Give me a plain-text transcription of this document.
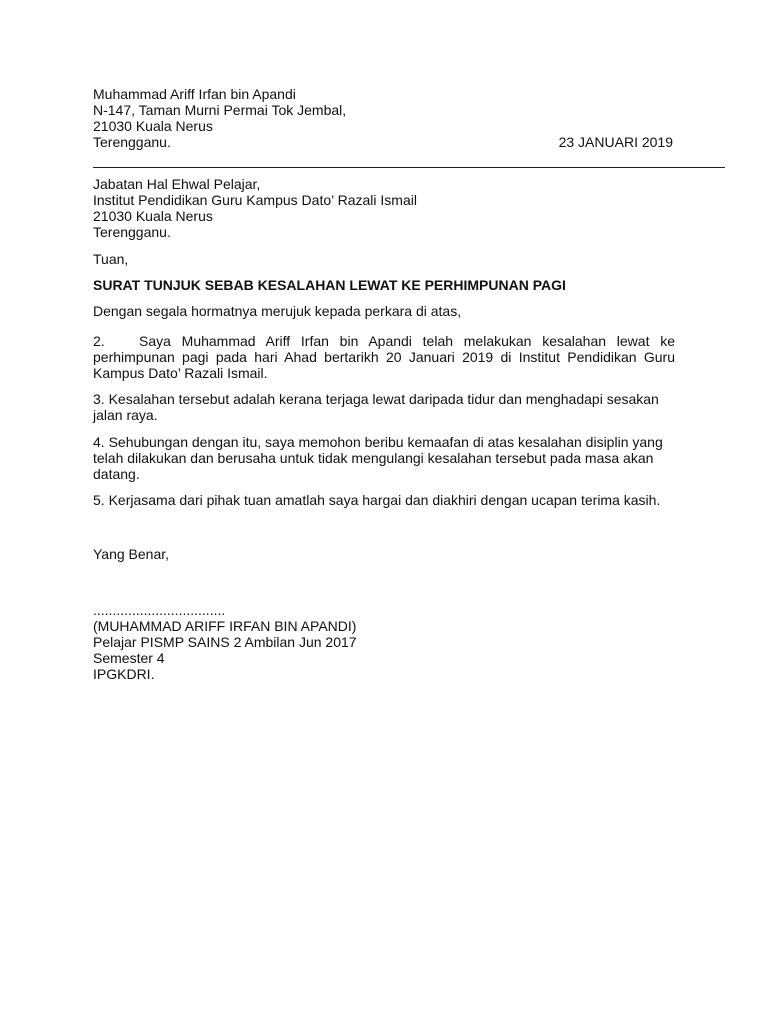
Muhammad Ariff Irfan bin Apandi
N-147, Taman Murni Permai Tok Jembal,
21030 Kuala Nerus
Terengganu.	23 JANUARI 2019
Jabatan Hal Ehwal Pelajar,
Institut Pendidikan Guru Kampus Dato’ Razali Ismail
21030 Kuala Nerus
Terengganu.
Tuan,
SURAT TUNJUK SEBAB KESALAHAN LEWAT KE PERHIMPUNAN PAGI
Dengan segala hormatnya merujuk kepada perkara di atas,
2. Saya Muhammad Ariff Irfan bin Apandi telah melakukan kesalahan lewat ke perhimpunan pagi pada hari Ahad bertarikh 20 Januari 2019 di Institut Pendidikan Guru Kampus Dato’ Razali Ismail.
3. Kesalahan tersebut adalah kerana terjaga lewat daripada tidur dan menghadapi sesakan jalan raya.
4. Sehubungan dengan itu, saya memohon beribu kemaafan di atas kesalahan disiplin yang telah dilakukan dan berusaha untuk tidak mengulangi kesalahan tersebut pada masa akan datang.
5. Kerjasama dari pihak tuan amatlah saya hargai dan diakhiri dengan ucapan terima kasih.
Yang Benar,
..................................
(MUHAMMAD ARIFF IRFAN BIN APANDI)
Pelajar PISMP SAINS 2 Ambilan Jun 2017
Semester 4
IPGKDRI.
